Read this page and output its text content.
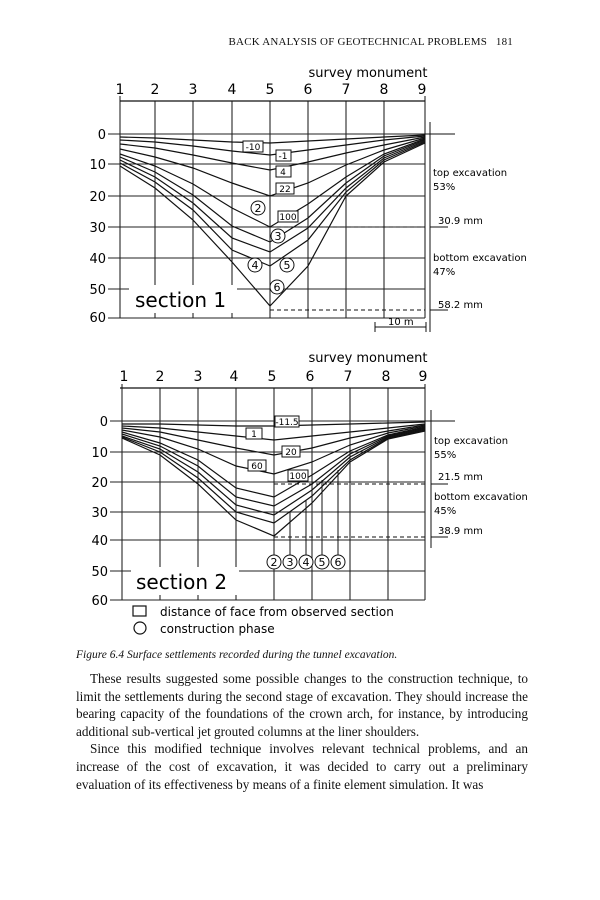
BACK ANALYSIS OF GEOTECHNICAL PROBLEMS 181
survey monument
1 2 3 4 5 6 7 8 9
0
10
20
30
40
50
60
-10
-1
4
22
100
2
3
4 5
6
section 1
top excavation
53%
30.9 mm
bottom excavation
47%
58.2 mm
10 m
survey monument
1 2 3 4 5 6 7 8 9
0
10
20
30
40
50
60
-11.5
1
20
60
100
2 3 4 5 6
section 2
top excavation
55%
21.5 mm
bottom excavation
45%
38.9 mm
distance of face from observed section
construction phase
Figure 6.4 Surface settlements recorded during the tunnel excavation.

These results suggested some possible changes to the construction technique, to limit the settlements during the second stage of excavation. They should increase the bearing capacity of the foundations of the crown arch, for instance, by introducing additional sub-vertical jet grouted columns at the liner shoulders.

Since this modified technique involves relevant technical problems, and an increase of the cost of excavation, it was decided to carry out a preliminary evaluation of its effectiveness by means of a finite element simulation. It was
